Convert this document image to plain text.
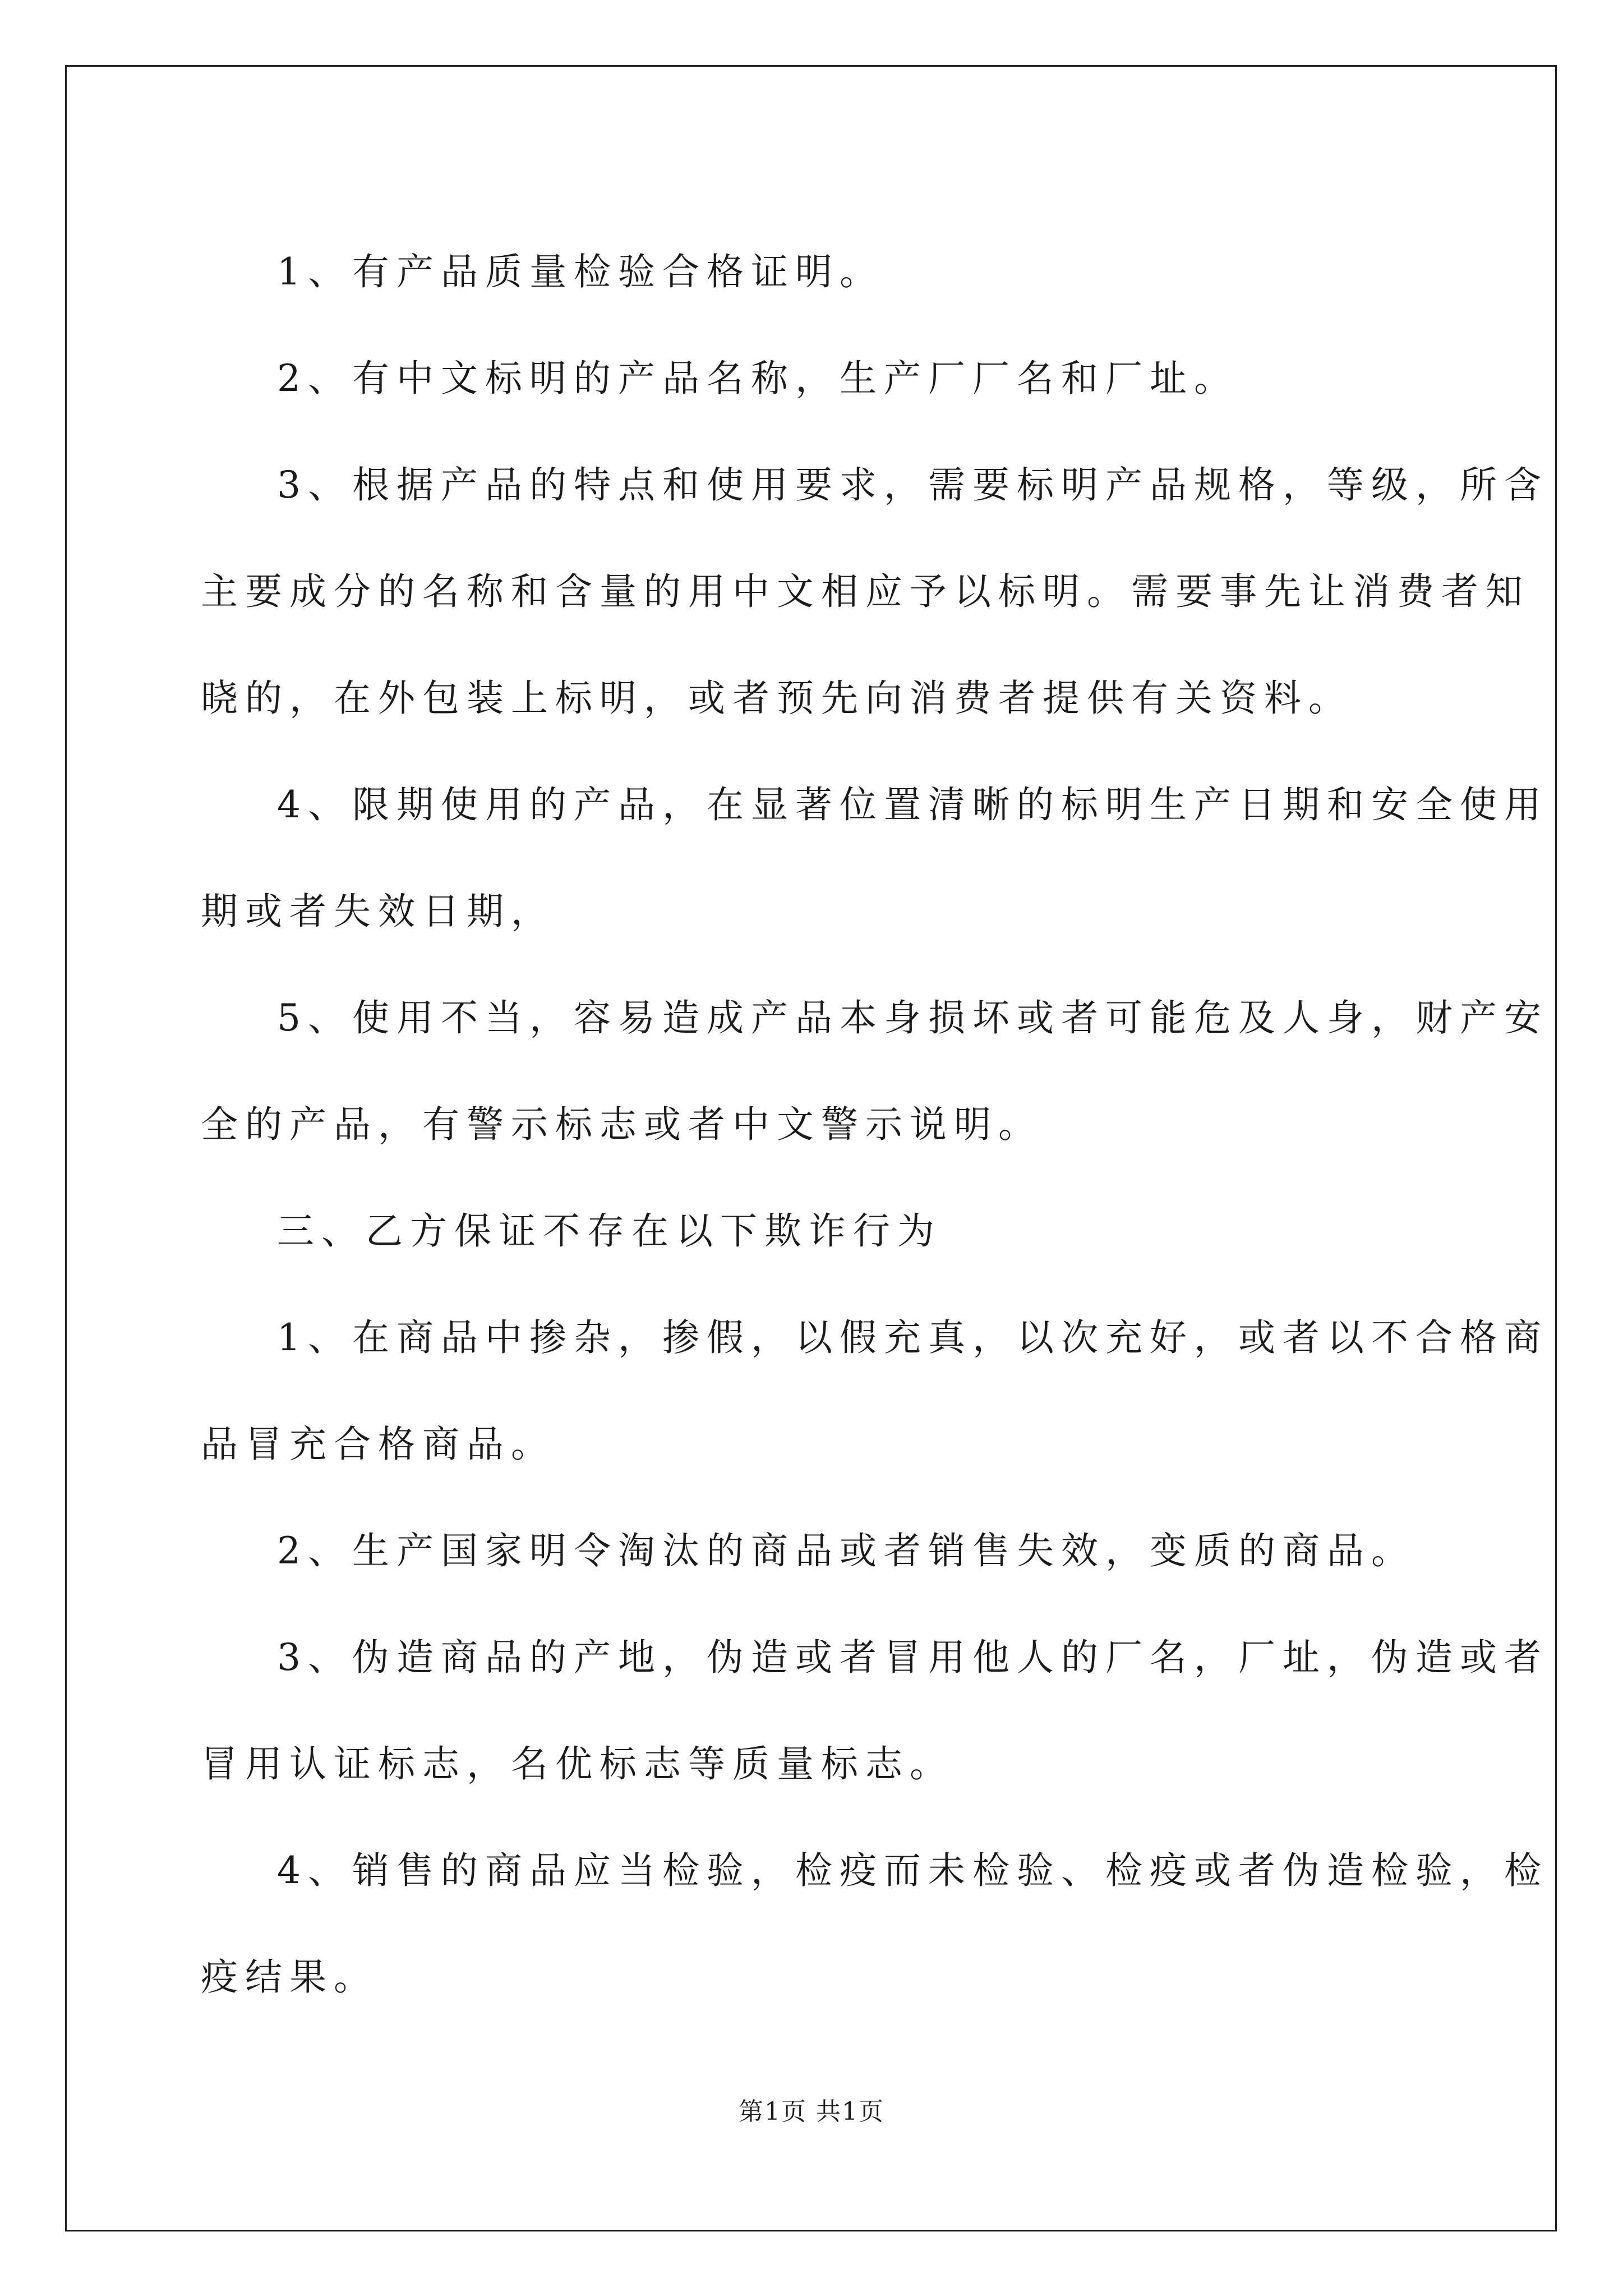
1、有产品质量检验合格证明。

2、有中文标明的产品名称，生产厂厂名和厂址。

3、根据产品的特点和使用要求，需要标明产品规格，等级，所含
主要成分的名称和含量的用中文相应予以标明。需要事先让消费者知
晓的，在外包装上标明，或者预先向消费者提供有关资料。

4、限期使用的产品，在显著位置清晰的标明生产日期和安全使用
期或者失效日期，

5、使用不当，容易造成产品本身损坏或者可能危及人身，财产安
全的产品，有警示标志或者中文警示说明。

三、乙方保证不存在以下欺诈行为

1、在商品中掺杂，掺假，以假充真，以次充好，或者以不合格商
品冒充合格商品。

2、生产国家明令淘汰的商品或者销售失效，变质的商品。

3、伪造商品的产地，伪造或者冒用他人的厂名，厂址，伪造或者
冒用认证标志，名优标志等质量标志。

4、销售的商品应当检验，检疫而未检验、检疫或者伪造检验，检
疫结果。

第1页 共1页
